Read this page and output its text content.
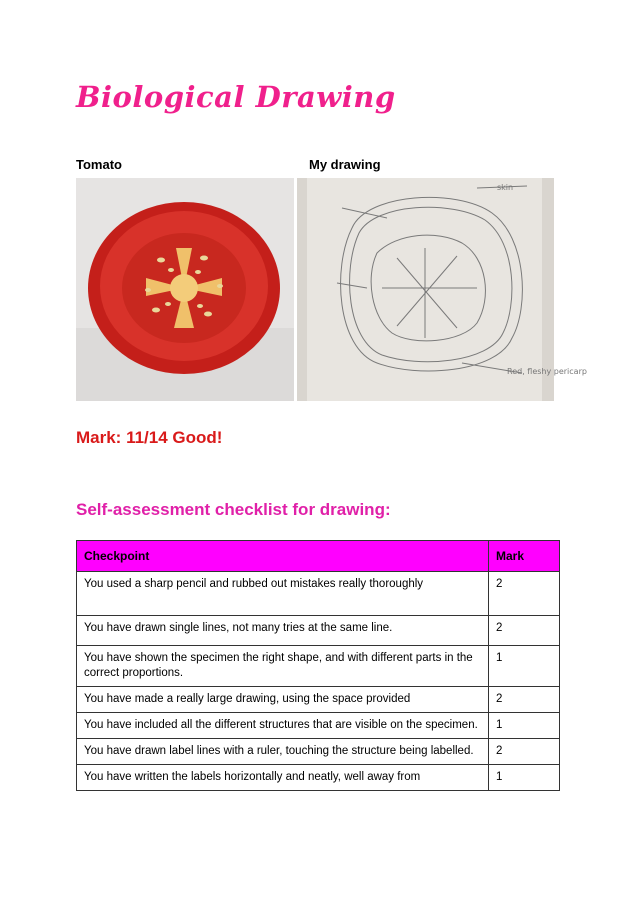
Biological Drawing
Tomato	My drawing
skin
Red, fleshy pericarp
Mark: 11/14 Good!
Self-assessment checklist for drawing:
Checkpoint	Mark
You used a sharp pencil and rubbed out mistakes really thoroughly	2
You have drawn single lines, not many tries at the same line.	2
You have shown the specimen the right shape, and with different parts in the correct proportions.	1
You have made a really large drawing, using the space provided	2
You have included all the different structures that are visible on the specimen.	1
You have drawn label lines with a ruler, touching the structure being labelled.	2
You have written the labels horizontally and neatly, well away from	1
